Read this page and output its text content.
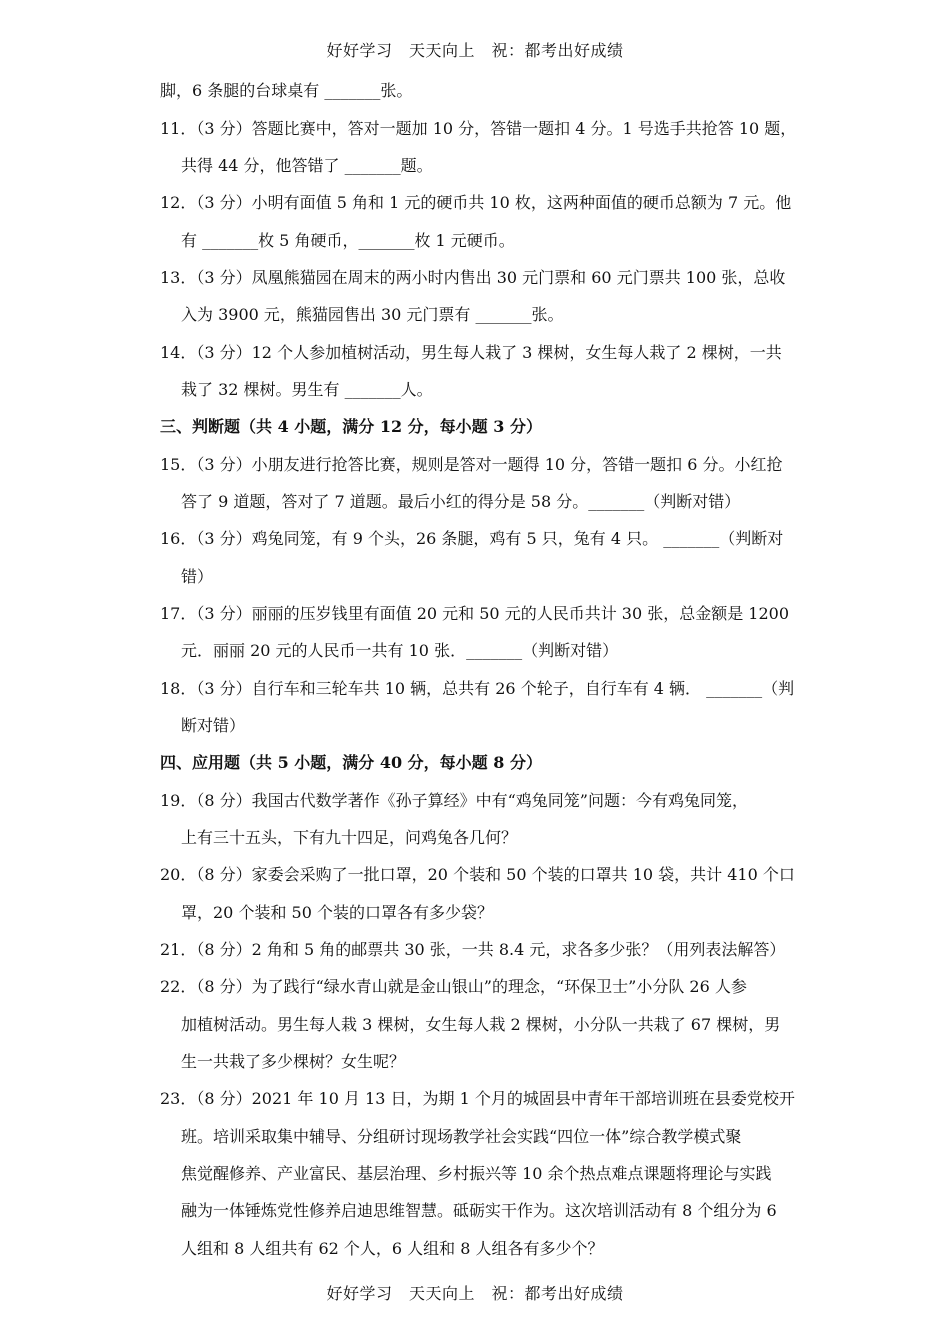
好好学习　天天向上　祝：都考出好成绩
脚，6 条腿的台球桌有 _______张。
11．（3 分）答题比赛中，答对一题加 10 分，答错一题扣 4 分。1 号选手共抢答 10 题，
共得 44 分，他答错了 _______题。
12．（3 分）小明有面值 5 角和 1 元的硬币共 10 枚，这两种面值的硬币总额为 7 元。他
有 _______枚 5 角硬币，_______枚 1 元硬币。
13．（3 分）凤凰熊猫园在周末的两小时内售出 30 元门票和 60 元门票共 100 张，总收
入为 3900 元，熊猫园售出 30 元门票有 _______张。
14．（3 分）12 个人参加植树活动，男生每人栽了 3 棵树，女生每人栽了 2 棵树，一共
栽了 32 棵树。男生有 _______人。
三、判断题（共 4 小题，满分 12 分，每小题 3 分）
15．（3 分）小朋友进行抢答比赛，规则是答对一题得 10 分，答错一题扣 6 分。小红抢
答了 9 道题，答对了 7 道题。最后小红的得分是 58 分。_______（判断对错）
16．（3 分）鸡兔同笼，有 9 个头，26 条腿，鸡有 5 只，兔有 4 只。 _______（判断对
错）
17．（3 分）丽丽的压岁钱里有面值 20 元和 50 元的人民币共计 30 张，总金额是 1200
元．丽丽 20 元的人民币一共有 10 张．_______（判断对错）
18．（3 分）自行车和三轮车共 10 辆，总共有 26 个轮子，自行车有 4 辆． _______（判
断对错）
四、应用题（共 5 小题，满分 40 分，每小题 8 分）
19．（8 分）我国古代数学著作《孙子算经》中有“鸡兔同笼”问题：今有鸡兔同笼，
上有三十五头，下有九十四足，问鸡兔各几何？
20．（8 分）家委会采购了一批口罩，20 个装和 50 个装的口罩共 10 袋，共计 410 个口
罩，20 个装和 50 个装的口罩各有多少袋？
21．（8 分）2 角和 5 角的邮票共 30 张，一共 8.4 元，求各多少张？（用列表法解答）
22．（8 分）为了践行“绿水青山就是金山银山”的理念，“环保卫士”小分队 26 人参
加植树活动。男生每人栽 3 棵树，女生每人栽 2 棵树，小分队一共栽了 67 棵树，男
生一共栽了多少棵树？女生呢？
23．（8 分）2021 年 10 月 13 日，为期 1 个月的城固县中青年干部培训班在县委党校开
班。培训采取集中辅导、分组研讨现场教学社会实践“四位一体”综合教学模式聚
焦觉醒修养、产业富民、基层治理、乡村振兴等 10 余个热点难点课题将理论与实践
融为一体锤炼党性修养启迪思维智慧。砥砺实干作为。这次培训活动有 8 个组分为 6
人组和 8 人组共有 62 个人，6 人组和 8 人组各有多少个？
好好学习　天天向上　祝：都考出好成绩
